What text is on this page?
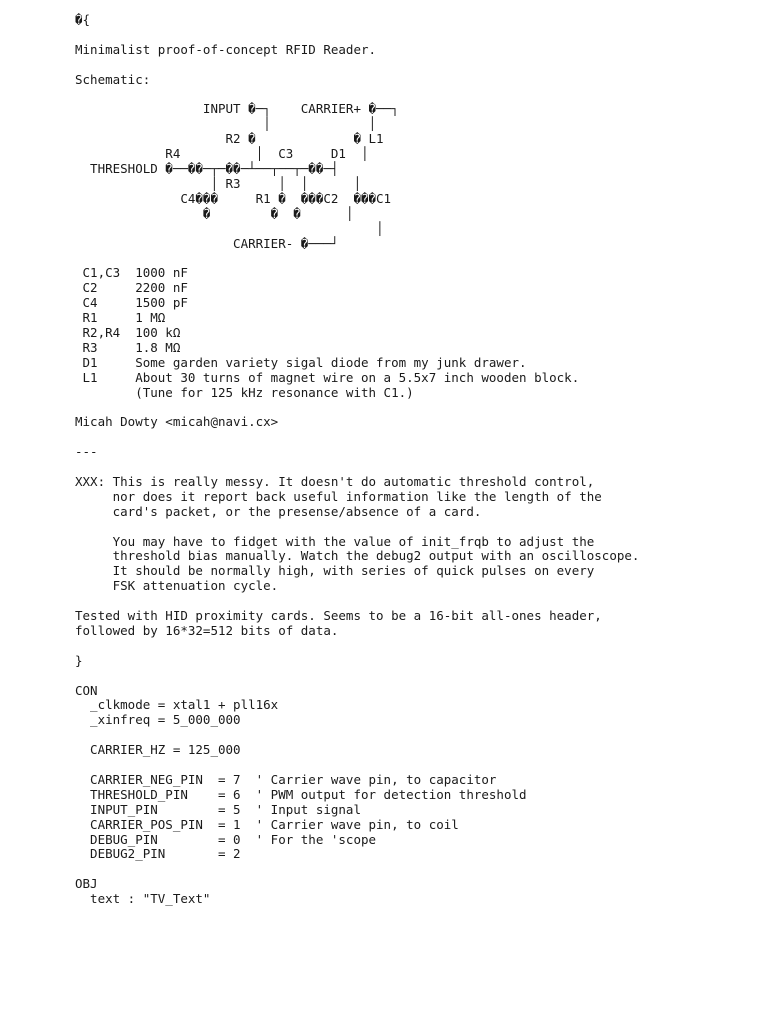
�{
Minimalist proof-of-concept RFID Reader.
Schematic:
INPUT �─┐    CARRIER+ �──┐
│             │
R2 �             � L1
R4          │  C3     D1  │
THRESHOLD �──��─┬─��─┴──┬──┬─��─┤
│ R3     │  │      │
C4���     R1 �  ���C2  ���C1
�        �  �      │
│
CARRIER- �───┘
C1,C3  1000 nF
C2     2200 nF
C4     1500 pF
R1     1 MΩ
R2,R4  100 kΩ
R3     1.8 MΩ
D1     Some garden variety sigal diode from my junk drawer.
L1     About 30 turns of magnet wire on a 5.5x7 inch wooden block.
(Tune for 125 kHz resonance with C1.)
Micah Dowty <micah@navi.cx>
---
XXX: This is really messy. It doesn't do automatic threshold control,
nor does it report back useful information like the length of the
card's packet, or the presense/absence of a card.
You may have to fidget with the value of init_frqb to adjust the
threshold bias manually. Watch the debug2 output with an oscilloscope.
It should be normally high, with series of quick pulses on every
FSK attenuation cycle.
Tested with HID proximity cards. Seems to be a 16-bit all-ones header,
followed by 16*32=512 bits of data.
}
CON
_clkmode = xtal1 + pll16x
_xinfreq = 5_000_000
CARRIER_HZ = 125_000
CARRIER_NEG_PIN  = 7  ' Carrier wave pin, to capacitor
THRESHOLD_PIN    = 6  ' PWM output for detection threshold
INPUT_PIN        = 5  ' Input signal
CARRIER_POS_PIN  = 1  ' Carrier wave pin, to coil
DEBUG_PIN        = 0  ' For the 'scope
DEBUG2_PIN       = 2
OBJ
text : "TV_Text"
